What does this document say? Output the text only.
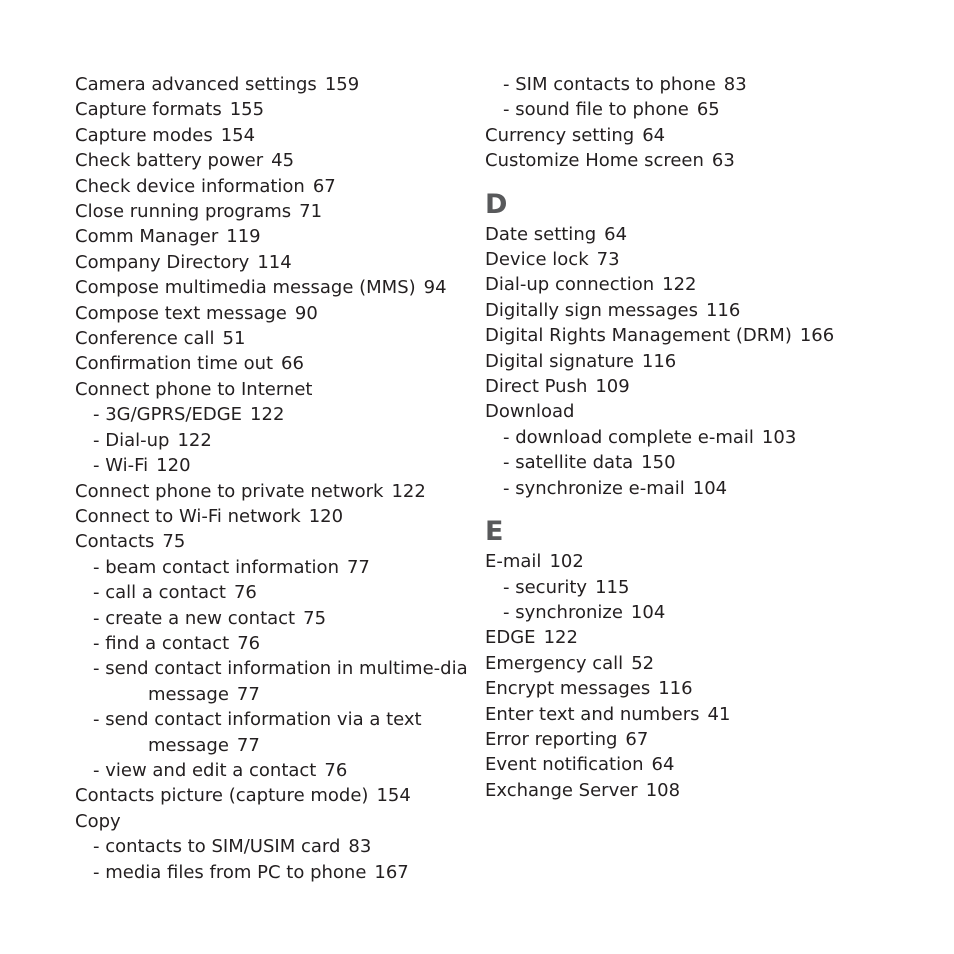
Camera advanced settings 159
Capture formats 155
Capture modes 154
Check battery power 45
Check device information 67
Close running programs 71
Comm Manager 119
Company Directory 114
Compose multimedia message (MMS) 94
Compose text message 90
Conference call 51
Confirmation time out 66
Connect phone to Internet
- 3G/GPRS/EDGE 122
- Dial-up 122
- Wi-Fi 120
Connect phone to private network 122
Connect to Wi-Fi network 120
Contacts 75
- beam contact information 77
- call a contact 76
- create a new contact 75
- find a contact 76
- send contact information in multime-dia message 77
- send contact information via a text message 77
- view and edit a contact 76
Contacts picture (capture mode) 154
Copy
- contacts to SIM/USIM card 83
- media files from PC to phone 167
- SIM contacts to phone 83
- sound file to phone 65
Currency setting 64
Customize Home screen 63
D
Date setting 64
Device lock 73
Dial-up connection 122
Digitally sign messages 116
Digital Rights Management (DRM) 166
Digital signature 116
Direct Push 109
Download
- download complete e-mail 103
- satellite data 150
- synchronize e-mail 104
E
E-mail 102
- security 115
- synchronize 104
EDGE 122
Emergency call 52
Encrypt messages 116
Enter text and numbers 41
Error reporting 67
Event notification 64
Exchange Server 108
